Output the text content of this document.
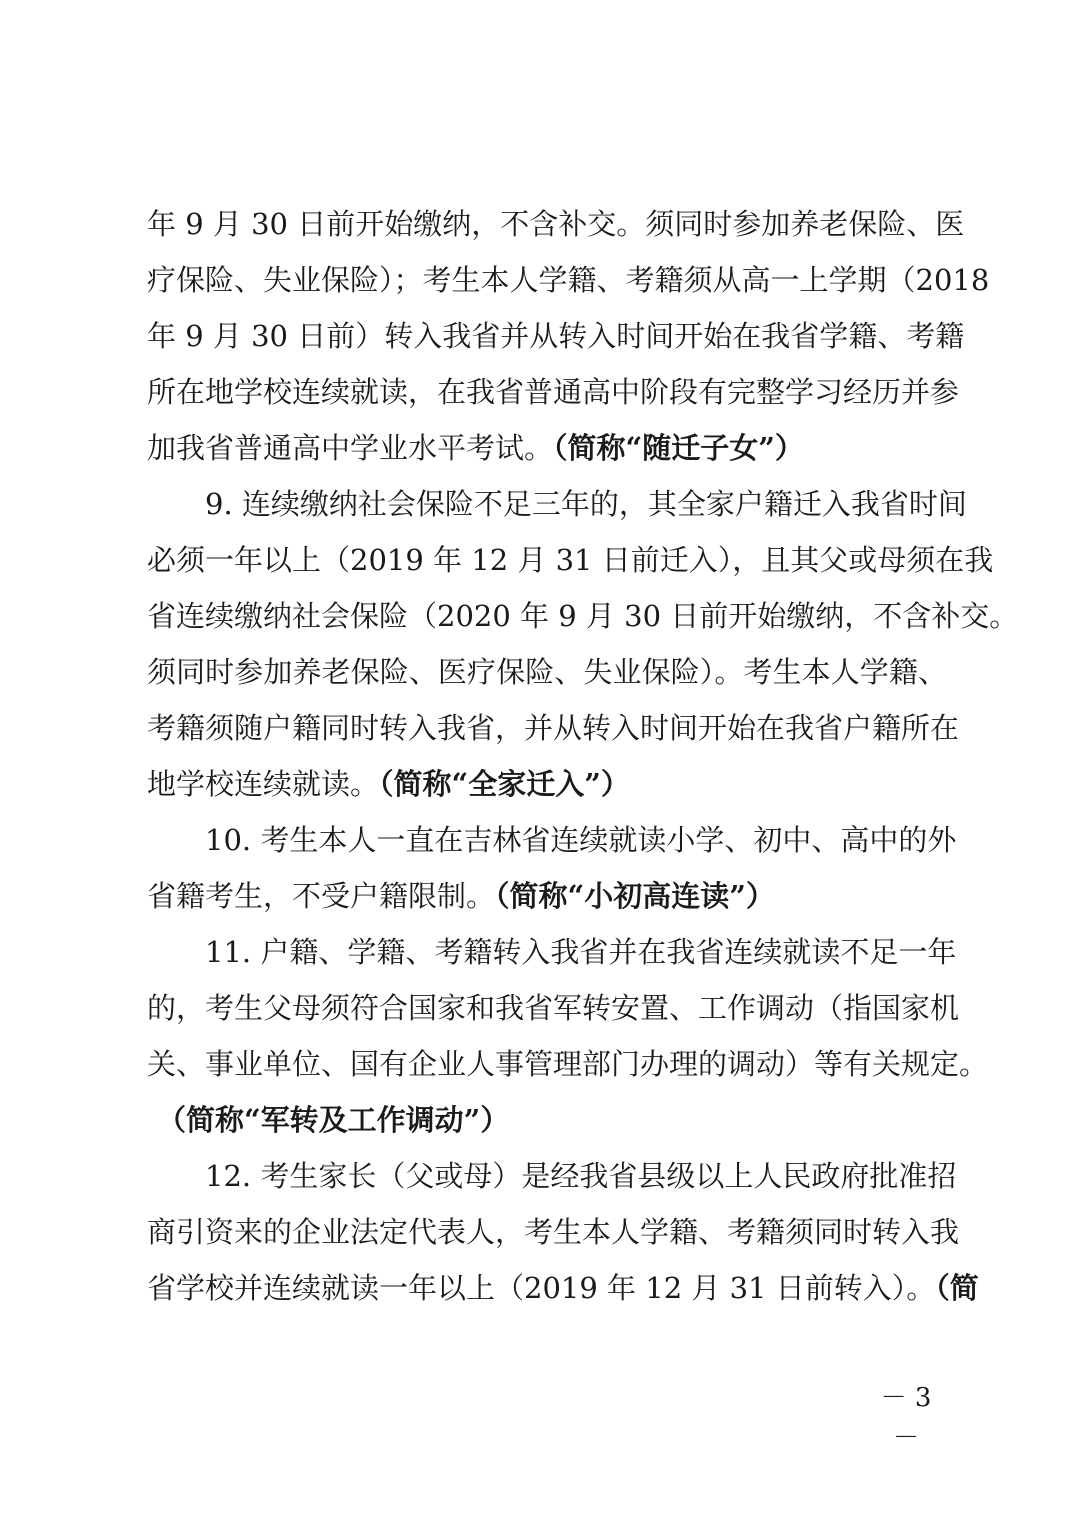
年 9 月 30 日前开始缴纳，不含补交。须同时参加养老保险、医
疗保险、失业保险）；考生本人学籍、考籍须从高一上学期（2018
年 9 月 30 日前）转入我省并从转入时间开始在我省学籍、考籍
所在地学校连续就读，在我省普通高中阶段有完整学习经历并参
加我省普通高中学业水平考试。（简称“随迁子女”）
9. 连续缴纳社会保险不足三年的，其全家户籍迁入我省时间
必须一年以上（2019 年 12 月 31 日前迁入），且其父或母须在我
省连续缴纳社会保险（2020 年 9 月 30 日前开始缴纳，不含补交。
须同时参加养老保险、医疗保险、失业保险）。考生本人学籍、
考籍须随户籍同时转入我省，并从转入时间开始在我省户籍所在
地学校连续就读。（简称“全家迁入”）
10. 考生本人一直在吉林省连续就读小学、初中、高中的外
省籍考生，不受户籍限制。（简称“小初高连读”）
11. 户籍、学籍、考籍转入我省并在我省连续就读不足一年
的，考生父母须符合国家和我省军转安置、工作调动（指国家机
关、事业单位、国有企业人事管理部门办理的调动）等有关规定。
（简称“军转及工作调动”）
12. 考生家长（父或母）是经我省县级以上人民政府批准招
商引资来的企业法定代表人，考生本人学籍、考籍须同时转入我
省学校并连续就读一年以上（2019 年 12 月 31 日前转入）。（简
－ 3 －
